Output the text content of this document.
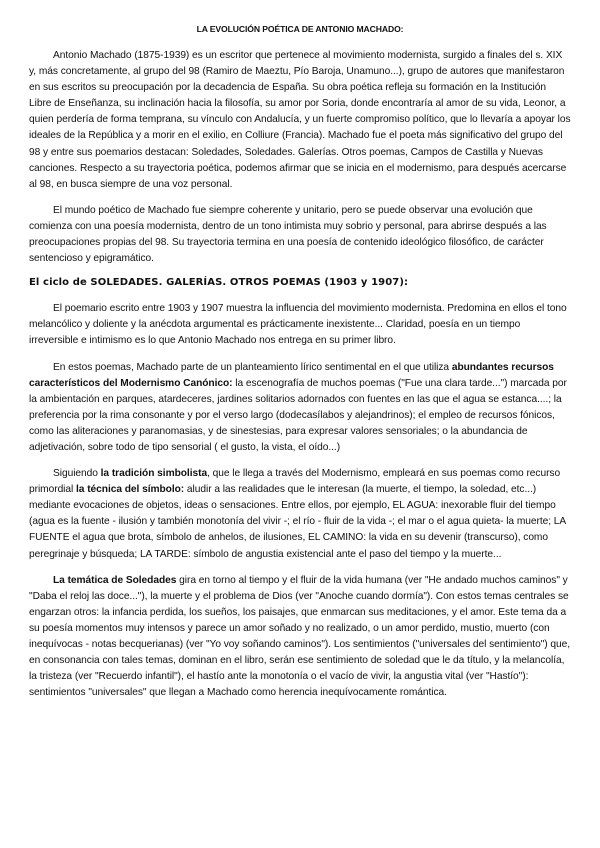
LA EVOLUCIÓN POÉTICA DE ANTONIO MACHADO:

Antonio Machado (1875-1939) es un escritor que pertenece al movimiento modernista, surgido a finales del s. XIX y, más concretamente, al grupo del 98 (Ramiro de Maeztu, Pío Baroja, Unamuno...), grupo de autores que manifestaron en sus escritos su preocupación por la decadencia de España. Su obra poética refleja su formación en la Institución Libre de Enseñanza, su inclinación hacia la filosofía, su amor por Soria, donde encontraría al amor de su vida, Leonor, a quien perdería de forma temprana, su vínculo con Andalucía, y un fuerte compromiso político, que lo llevaría a apoyar los ideales de la República y a morir en el exilio, en Colliure (Francia). Machado fue el poeta más significativo del grupo del 98 y entre sus poemarios destacan: Soledades, Soledades. Galerías. Otros poemas, Campos de Castilla y Nuevas canciones. Respecto a su trayectoria poética, podemos afirmar que se inicia en el modernismo, para después acercarse al 98, en busca siempre de una voz personal.

El mundo poético de Machado fue siempre coherente y unitario, pero se puede observar una evolución que comienza con una poesía modernista, dentro de un tono intimista muy sobrio y personal, para abrirse después a las preocupaciones propias del 98. Su trayectoria termina en una poesía de contenido ideológico filosófico, de carácter sentencioso y epigramático.

El ciclo de SOLEDADES. GALERÍAS. OTROS POEMAS (1903 y 1907):

El poemario escrito entre 1903 y 1907 muestra la influencia del movimiento modernista. Predomina en ellos el tono melancólico y doliente y la anécdota argumental es prácticamente inexistente... Claridad, poesía en un tiempo irreversible e intimismo es lo que Antonio Machado nos entrega en su primer libro.

En estos poemas, Machado parte de un planteamiento lírico sentimental en el que utiliza abundantes recursos característicos del Modernismo Canónico: la escenografía de muchos poemas ("Fue una clara tarde...") marcada por la ambientación en parques, atardeceres, jardines solitarios adornados con fuentes en las que el agua se estanca....; la preferencia por la rima consonante y por el verso largo (dodecasílabos y alejandrinos); el empleo de recursos fónicos, como las aliteraciones y paranomasias, y de sinestesias, para expresar valores sensoriales; o la abundancia de adjetivación, sobre todo de tipo sensorial ( el gusto, la vista, el oído...)

Siguiendo la tradición simbolista, que le llega a través del Modernismo, empleará en sus poemas como recurso primordial la técnica del símbolo: aludir a las realidades que le interesan (la muerte, el tiempo, la soledad, etc...) mediante evocaciones de objetos, ideas o sensaciones. Entre ellos, por ejemplo, EL AGUA: inexorable fluir del tiempo (agua es la fuente - ilusión y también monotonía del vivir -; el río - fluir de la vida -; el mar o el agua quieta- la muerte; LA FUENTE el agua que brota, símbolo de anhelos, de ilusiones, EL CAMINO: la vida en su devenir (transcurso), como peregrinaje y búsqueda; LA TARDE: símbolo de angustia existencial ante el paso del tiempo y la muerte...

La temática de Soledades gira en torno al tiempo y el fluir de la vida humana (ver "He andado muchos caminos" y "Daba el reloj las doce..."), la muerte y el problema de Dios (ver "Anoche cuando dormía"). Con estos temas centrales se engarzan otros: la infancia perdida, los sueños, los paisajes, que enmarcan sus meditaciones, y el amor. Este tema da a su poesía momentos muy intensos y parece un amor soñado y no realizado, o un amor perdido, mustio, muerto (con inequívocas - notas becquerianas) (ver "Yo voy soñando caminos"). Los sentimientos ("universales del sentimiento") que, en consonancia con tales temas, dominan en el libro, serán ese sentimiento de soledad que le da título, y la melancolía, la tristeza (ver "Recuerdo infantil"), el hastío ante la monotonía o el vacío de vivir, la angustia vital (ver "Hastío"): sentimientos "universales" que llegan a Machado como herencia inequívocamente romántica.
